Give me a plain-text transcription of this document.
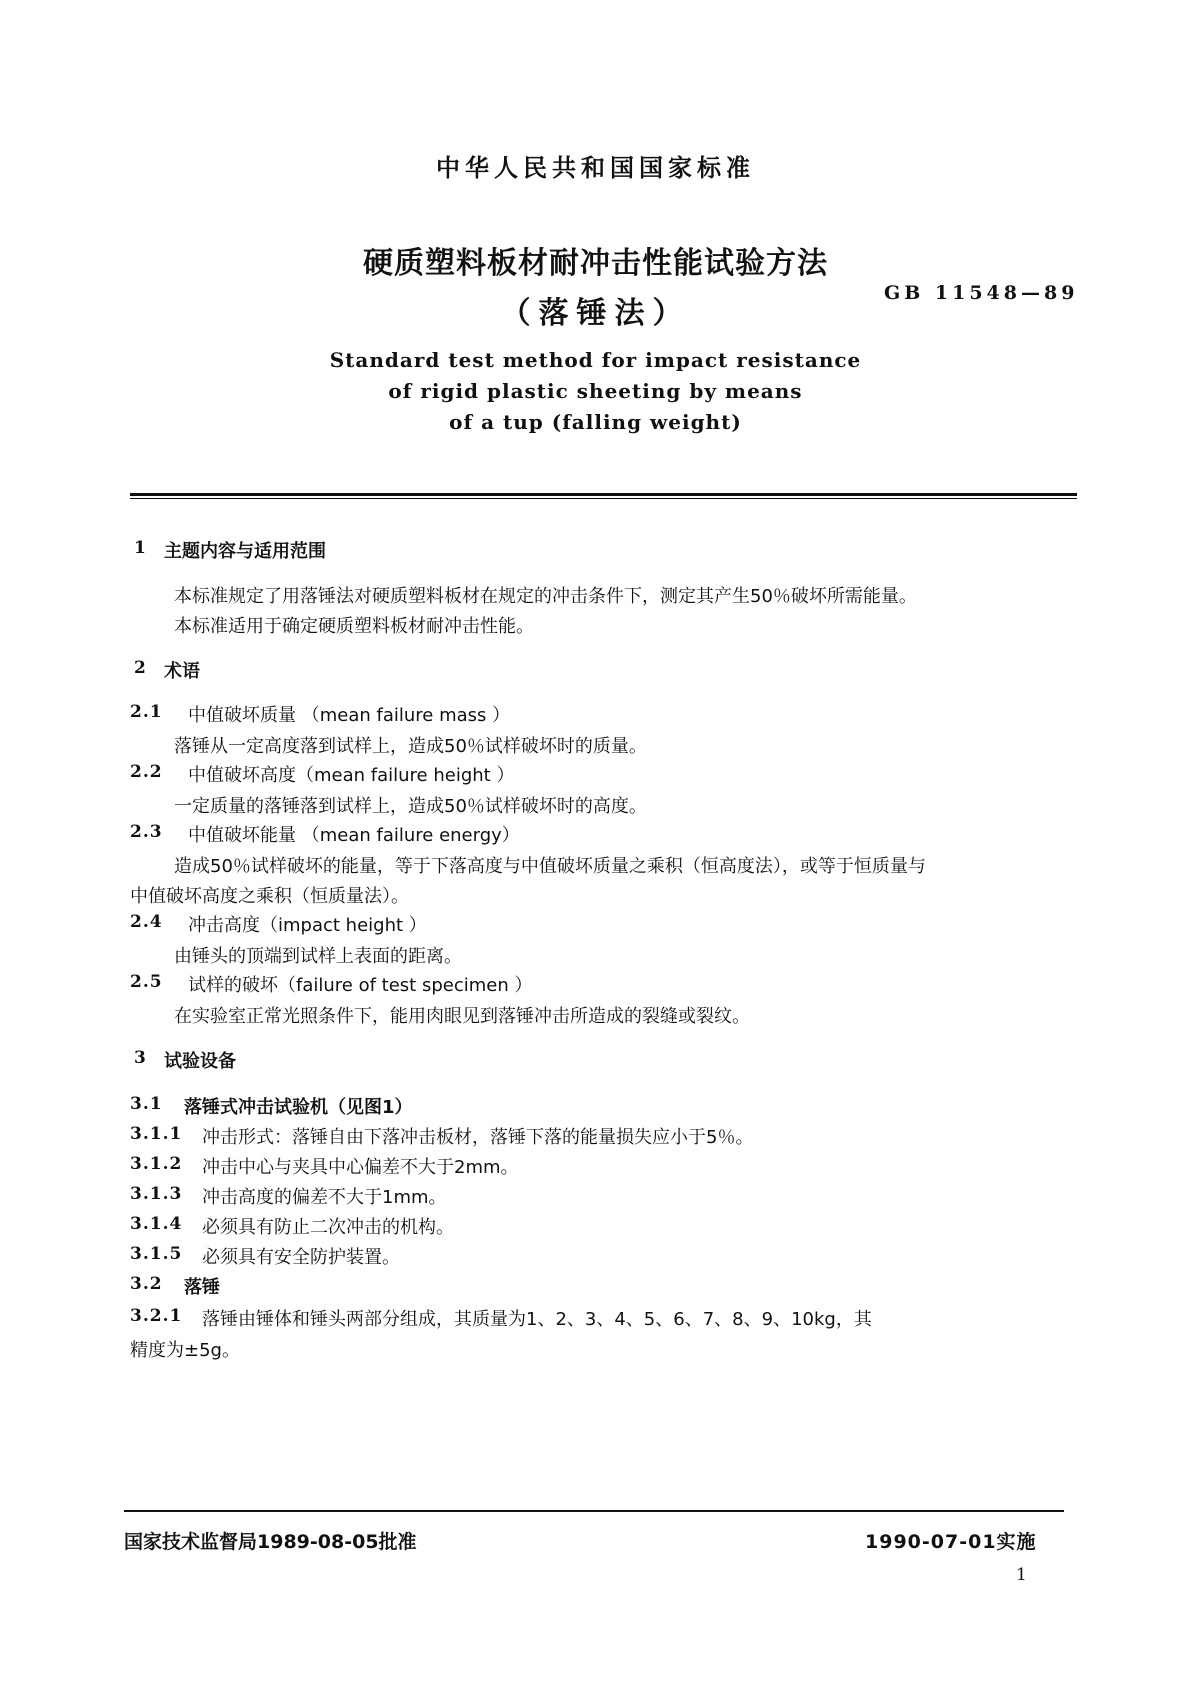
中华人民共和国国家标准
硬质塑料板材耐冲击性能试验方法
（落锤法）
GB 11548—89
Standard test method for impact resistance
of rigid plastic sheeting by means
of a tup (falling weight)
1 主题内容与适用范围
本标准规定了用落锤法对硬质塑料板材在规定的冲击条件下，测定其产生50％破坏所需能量。
本标准适用于确定硬质塑料板材耐冲击性能。
2 术语
2.1 中值破坏质量 （mean failure mass ）
落锤从一定高度落到试样上，造成50％试样破坏时的质量。
2.2 中值破坏高度（mean failure height ）
一定质量的落锤落到试样上，造成50％试样破坏时的高度。
2.3 中值破坏能量 （mean failure energy）
造成50％试样破坏的能量，等于下落高度与中值破坏质量之乘积（恒高度法），或等于恒质量与
中值破坏高度之乘积（恒质量法）。
2.4 冲击高度（impact height ）
由锤头的顶端到试样上表面的距离。
2.5 试样的破坏（failure of test specimen ）
在实验室正常光照条件下，能用肉眼见到落锤冲击所造成的裂缝或裂纹。
3 试验设备
3.1 落锤式冲击试验机（见图1）
3.1.1 冲击形式：落锤自由下落冲击板材，落锤下落的能量损失应小于5％。
3.1.2 冲击中心与夹具中心偏差不大于2mm。
3.1.3 冲击高度的偏差不大于1mm。
3.1.4 必须具有防止二次冲击的机构。
3.1.5 必须具有安全防护装置。
3.2 落锤
3.2.1 落锤由锤体和锤头两部分组成，其质量为1、2、3、4、5、6、7、8、9、10kg，其
精度为±5g。
国家技术监督局1989-08-05批准	1990-07-01实施
1
